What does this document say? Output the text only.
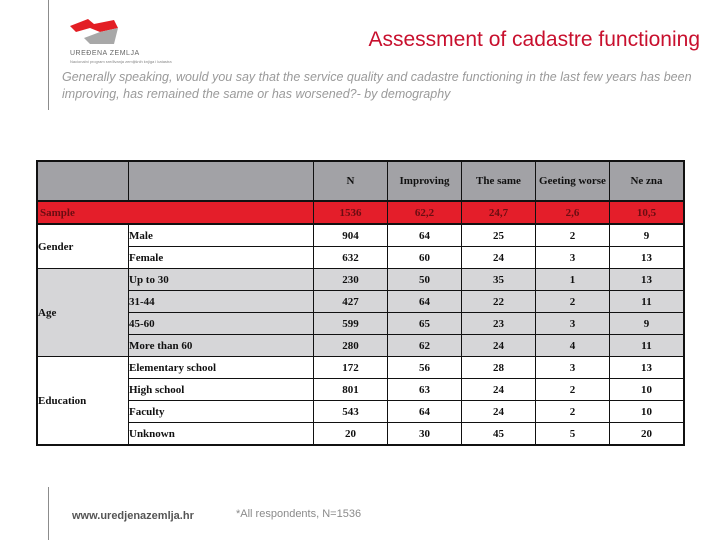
UREĐENA ZEMLJA
Nacionalni program sređivanja zemljišnih knjiga i katastra
Assessment of cadastre functioning
Generally speaking, would you say that the service quality and cadastre functioning in the last few years has been improving, has remained the same or has worsened?- by demography
		N	Improving	The same	Geeting worse	Ne zna
Sample		1536	62,2	24,7	2,6	10,5
Gender	Male	904	64	25	2	9
	Female	632	60	24	3	13
Age	Up to 30	230	50	35	1	13
	31-44	427	64	22	2	11
	45-60	599	65	23	3	9
	More than 60	280	62	24	4	11
Education	Elementary school	172	56	28	3	13
	High school	801	63	24	2	10
	Faculty	543	64	24	2	10
	Unknown	20	30	45	5	20
www.uredjenazemlja.hr	*All respondents, N=1536
